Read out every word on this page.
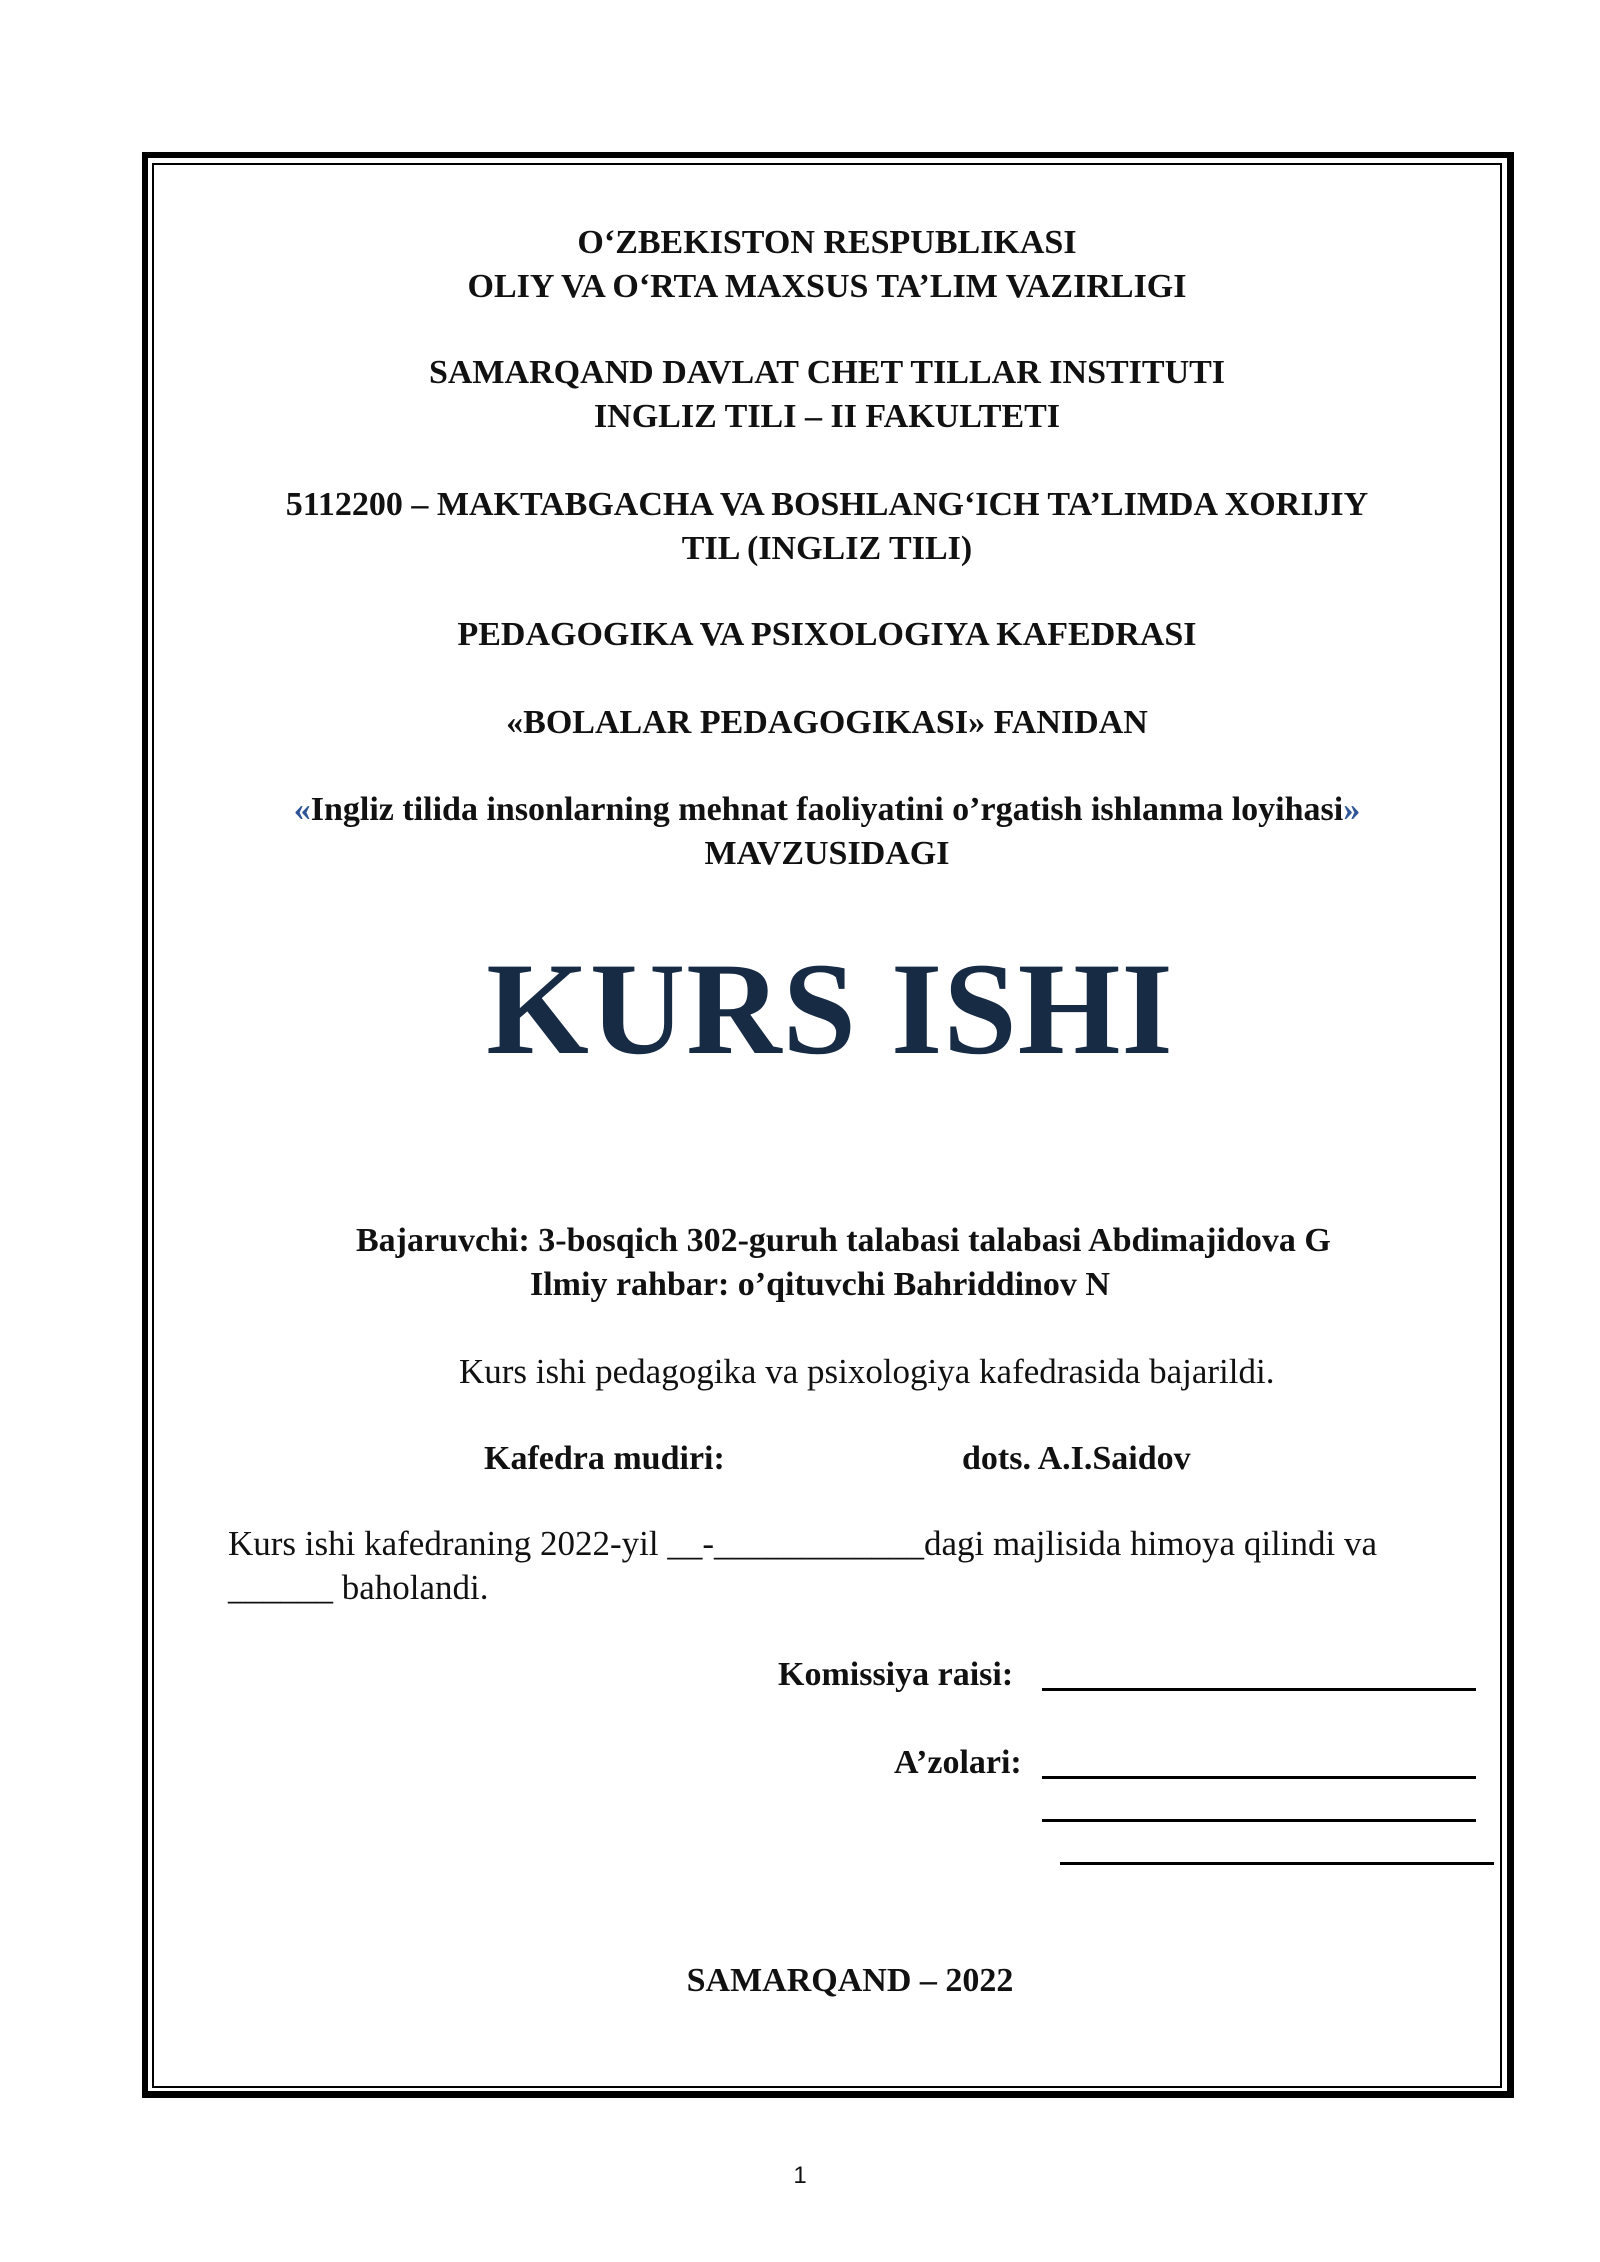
O‘ZBEKISTON RESPUBLIKASI
OLIY VA O‘RTA MAXSUS TA’LIM VAZIRLIGI
SAMARQAND DAVLAT CHET TILLAR INSTITUTI
INGLIZ TILI – II FAKULTETI
5112200 – MAKTABGACHA VA BOSHLANG‘ICH TA’LIMDA XORIJIY
TIL (INGLIZ TILI)
PEDAGOGIKA VA PSIXOLOGIYA KAFEDRASI
«BOLALAR PEDAGOGIKASI» FANIDAN
«Ingliz tilida insonlarning mehnat faoliyatini o’rgatish ishlanma loyihasi»
MAVZUSIDAGI
KURS ISHI
Bajaruvchi: 3-bosqich 302-guruh talabasi talabasi Abdimajidova G
Ilmiy rahbar: o’qituvchi Bahriddinov N
Kurs ishi pedagogika va psixologiya kafedrasida bajarildi.
Kafedra mudiri:	dots. A.I.Saidov
Kurs ishi kafedraning 2022-yil __-____________dagi majlisida himoya qilindi va
______ baholandi.
Komissiya raisi:
A’zolari:
SAMARQAND – 2022
1
